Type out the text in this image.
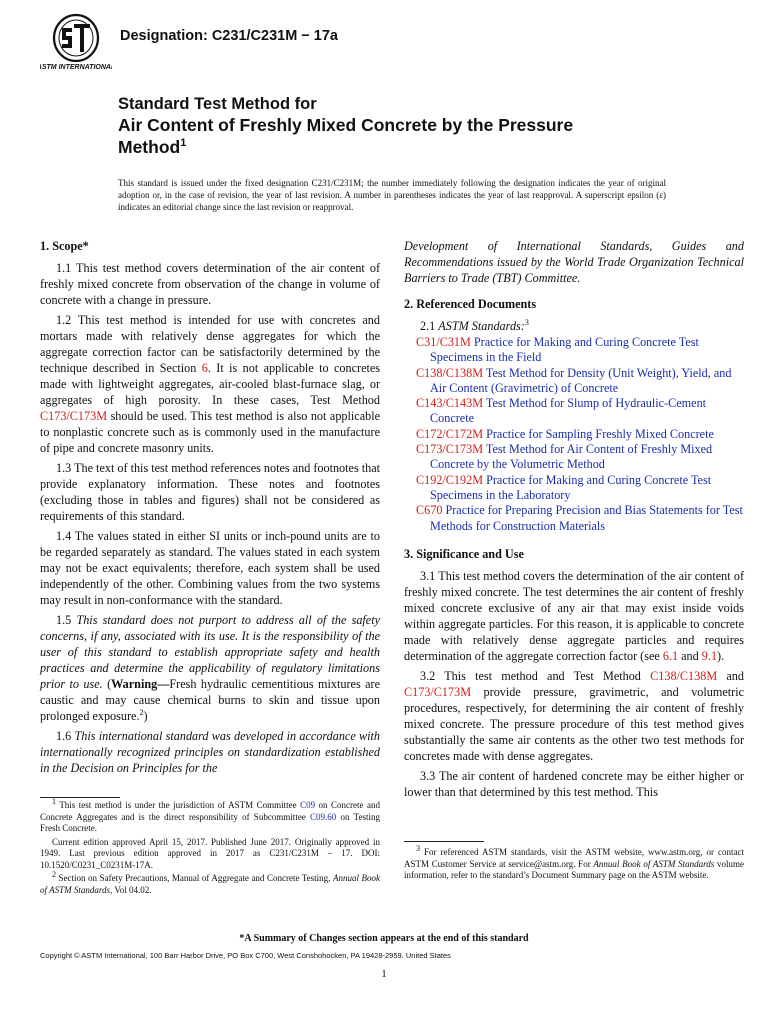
ASTM INTERNATIONAL
Designation: C231/C231M − 17a
Standard Test Method for
Air Content of Freshly Mixed Concrete by the Pressure
Method$^1$
This standard is issued under the fixed designation C231/C231M; the number immediately following the designation indicates the year of original adoption or, in the case of revision, the year of last revision. A number in parentheses indicates the year of last reapproval. A superscript epsilon (ε) indicates an editorial change since the last revision or reapproval.
1. Scope*

1.1 This test method covers determination of the air content of freshly mixed concrete from observation of the change in volume of concrete with a change in pressure.

1.2 This test method is intended for use with concretes and mortars made with relatively dense aggregates for which the aggregate correction factor can be satisfactorily determined by the technique described in Section 6. It is not applicable to concretes made with lightweight aggregates, air-cooled blast-furnace slag, or aggregates of high porosity. In these cases, Test Method C173/C173M should be used. This test method is also not applicable to nonplastic concrete such as is commonly used in the manufacture of pipe and concrete masonry units.

1.3 The text of this test method references notes and footnotes that provide explanatory information. These notes and footnotes (excluding those in tables and figures) shall not be considered as requirements of this standard.

1.4 The values stated in either SI units or inch-pound units are to be regarded separately as standard. The values stated in each system may not be exact equivalents; therefore, each system shall be used independently of the other. Combining values from the two systems may result in non-conformance with the standard.

1.5 This standard does not purport to address all of the safety concerns, if any, associated with its use. It is the responsibility of the user of this standard to establish appropriate safety and health practices and determine the applicability of regulatory limitations prior to use. (Warning—Fresh hydraulic cementitious mixtures are caustic and may cause chemical burns to skin and tissue upon prolonged exposure.$^2$)

1.6 This international standard was developed in accordance with internationally recognized principles on standardization established in the Decision on Principles for the

Development of International Standards, Guides and Recommendations issued by the World Trade Organization Technical Barriers to Trade (TBT) Committee.

2. Referenced Documents

2.1 ASTM Standards:$^3$

C31/C31M Practice for Making and Curing Concrete Test Specimens in the Field
C138/C138M Test Method for Density (Unit Weight), Yield, and Air Content (Gravimetric) of Concrete
C143/C143M Test Method for Slump of Hydraulic-Cement Concrete
C172/C172M Practice for Sampling Freshly Mixed Concrete
C173/C173M Test Method for Air Content of Freshly Mixed Concrete by the Volumetric Method
C192/C192M Practice for Making and Curing Concrete Test Specimens in the Laboratory
C670 Practice for Preparing Precision and Bias Statements for Test Methods for Construction Materials
3. Significance and Use

3.1 This test method covers the determination of the air content of freshly mixed concrete. The test determines the air content of freshly mixed concrete exclusive of any air that may exist inside voids within aggregate particles. For this reason, it is applicable to concrete made with relatively dense aggregate particles and requires determination of the aggregate correction factor (see 6.1 and 9.1).

3.2 This test method and Test Method C138/C138M and C173/C173M provide pressure, gravimetric, and volumetric procedures, respectively, for determining the air content of freshly mixed concrete. The pressure procedure of this test method gives substantially the same air contents as the other two test methods for concretes made with dense aggregates.

3.3 The air content of hardened concrete may be either higher or lower than that determined by this test method. This

$^1$ This test method is under the jurisdiction of ASTM Committee C09 on Concrete and Concrete Aggregates and is the direct responsibility of Subcommittee C09.60 on Testing Fresh Concrete.

Current edition approved April 15, 2017. Published June 2017. Originally approved in 1949. Last previous edition approved in 2017 as C231/C231M – 17. DOI: 10.1520/C0231_C0231M-17A.

$^2$ Section on Safety Precautions, Manual of Aggregate and Concrete Testing, Annual Book of ASTM Standards, Vol 04.02.

$^3$ For referenced ASTM standards, visit the ASTM website, www.astm.org, or contact ASTM Customer Service at service@astm.org. For Annual Book of ASTM Standards volume information, refer to the standard’s Document Summary page on the ASTM website.

*A Summary of Changes section appears at the end of this standard
Copyright © ASTM International, 100 Barr Harbor Drive, PO Box C700, West Conshohocken, PA 19428-2959. United States
1
